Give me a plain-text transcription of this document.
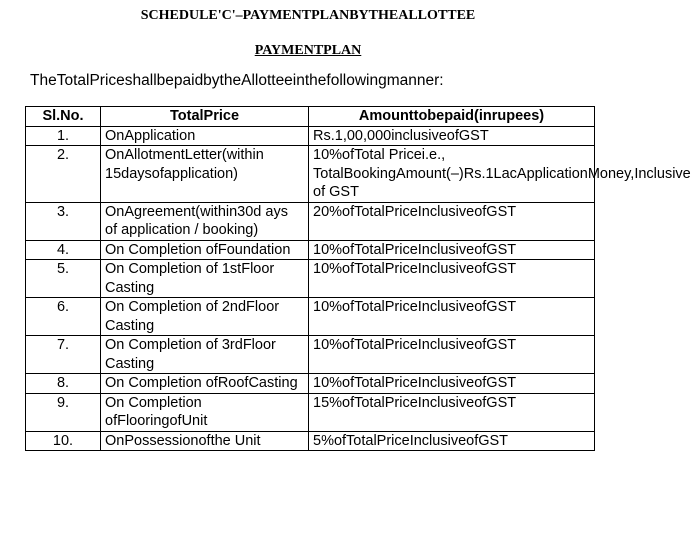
SCHEDULE'C'–PAYMENTPLANBYTHEALLOTTEE
PAYMENTPLAN
TheTotalPriceshallbepaidbytheAllotteeinthefollowingmanner:
Sl.No.	TotalPrice	Amounttobepaid(inrupees)
1.	OnApplication	Rs.1,00,000inclusiveofGST
2.	OnAllotmentLetter(within 15daysofapplication)	10%ofTotal Pricei.e., TotalBookingAmount(–)Rs.1LacApplicationMoney,Inclusive of GST
3.	OnAgreement(within30d ays of application / booking)	20%ofTotalPriceInclusiveofGST
4.	On Completion ofFoundation	10%ofTotalPriceInclusiveofGST
5.	On Completion of 1stFloor Casting	10%ofTotalPriceInclusiveofGST
6.	On Completion of 2ndFloor Casting	10%ofTotalPriceInclusiveofGST
7.	On Completion of 3rdFloor Casting	10%ofTotalPriceInclusiveofGST
8.	On Completion ofRoofCasting	10%ofTotalPriceInclusiveofGST
9.	On Completion ofFlooringofUnit	15%ofTotalPriceInclusiveofGST
10.	OnPossessionofthe Unit	5%ofTotalPriceInclusiveofGST
